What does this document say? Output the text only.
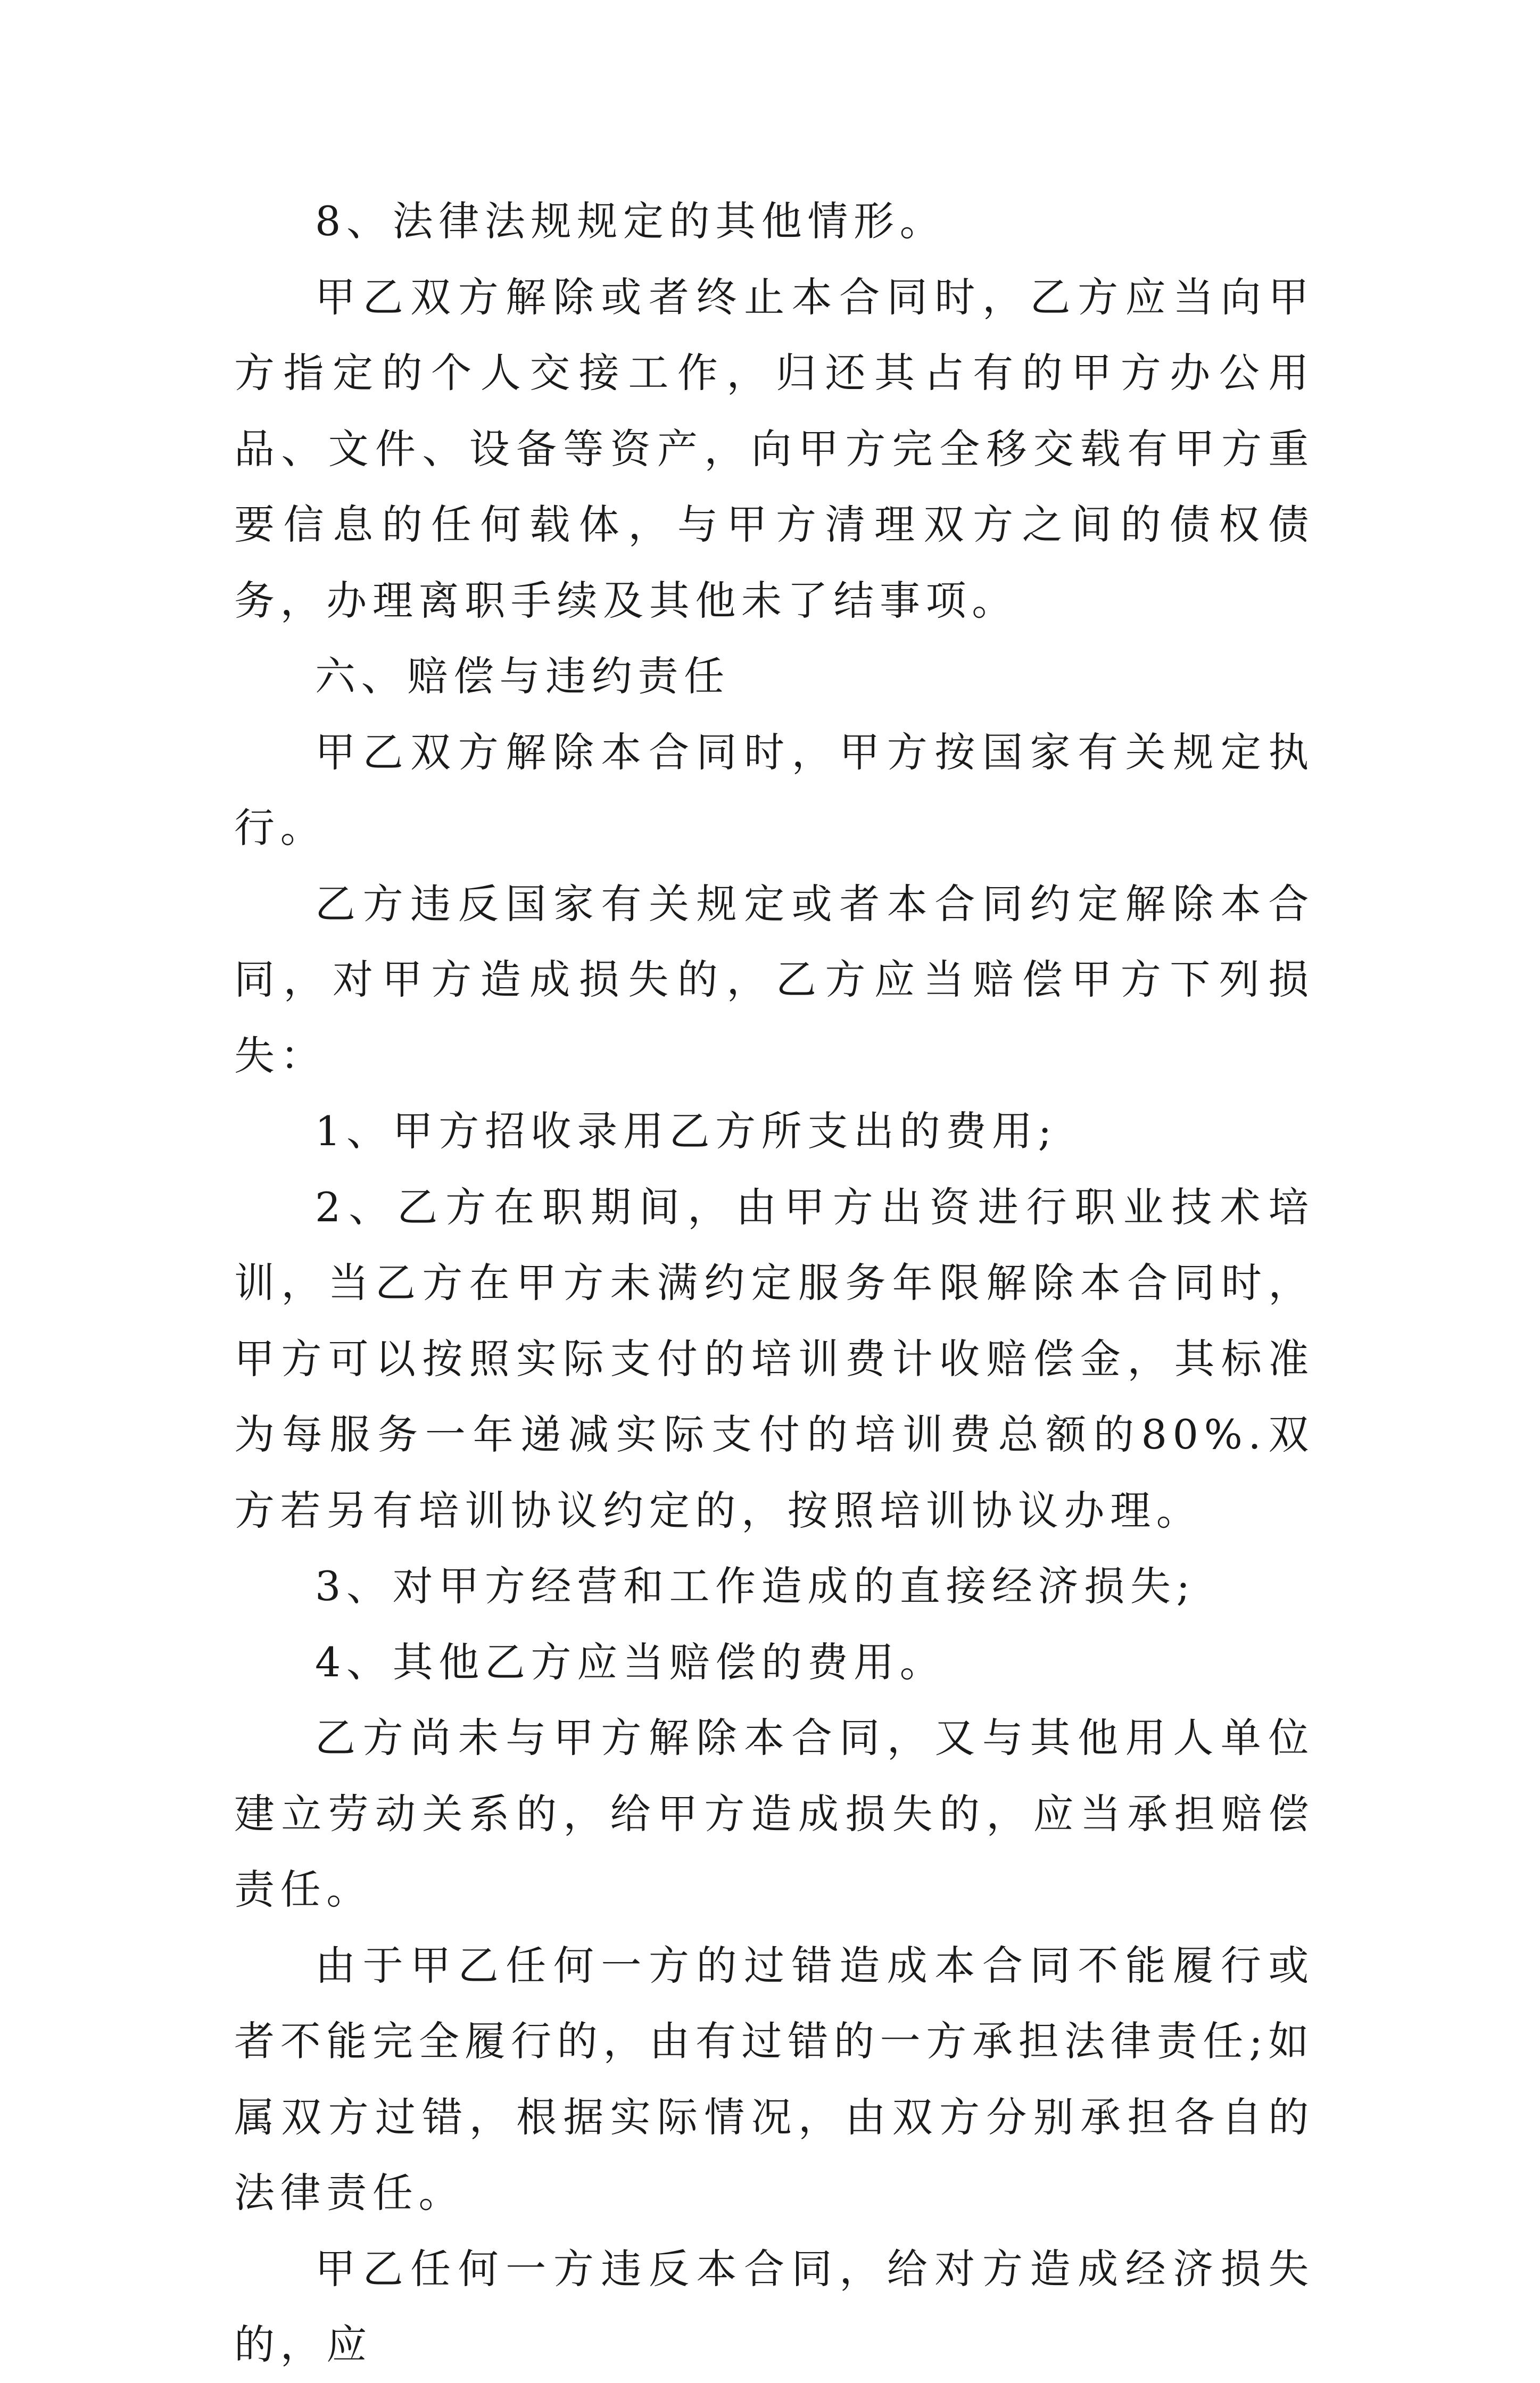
8、法律法规规定的其他情形。

甲乙双方解除或者终止本合同时，乙方应当向甲方指定的个人交接工作，归还其占有的甲方办公用品、文件、设备等资产，向甲方完全移交载有甲方重要信息的任何载体，与甲方清理双方之间的债权债务，办理离职手续及其他未了结事项。

六、赔偿与违约责任

甲乙双方解除本合同时，甲方按国家有关规定执行。

乙方违反国家有关规定或者本合同约定解除本合同，对甲方造成损失的，乙方应当赔偿甲方下列损失：

1、甲方招收录用乙方所支出的费用;

2、乙方在职期间，由甲方出资进行职业技术培训，当乙方在甲方未满约定服务年限解除本合同时，甲方可以按照实际支付的培训费计收赔偿金，其标准为每服务一年递减实际支付的培训费总额的80%.双方若另有培训协议约定的，按照培训协议办理。

3、对甲方经营和工作造成的直接经济损失;

4、其他乙方应当赔偿的费用。

乙方尚未与甲方解除本合同，又与其他用人单位建立劳动关系的，给甲方造成损失的，应当承担赔偿责任。

由于甲乙任何一方的过错造成本合同不能履行或者不能完全履行的，由有过错的一方承担法律责任;如属双方过错，根据实际情况，由双方分别承担各自的法律责任。

甲乙任何一方违反本合同，给对方造成经济损失的，应
